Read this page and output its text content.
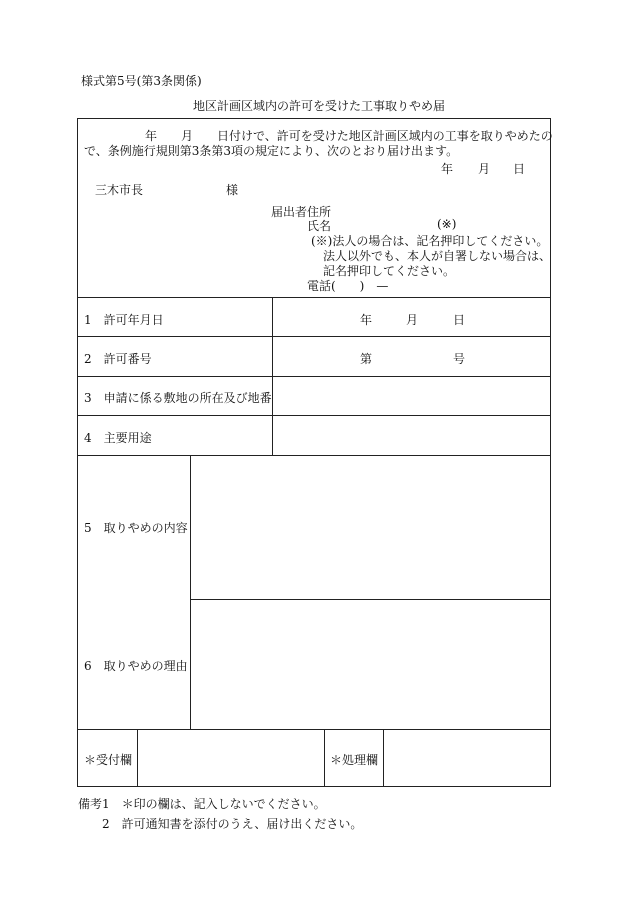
様式第5号(第3条関係)
地区計画区域内の許可を受けた工事取りやめ届
年 月 日付けで、許可を受けた地区計画区域内の工事を取りやめたの
で、条例施行規則第3条第3項の規定により、次のとおり届け出ます。
年 月 日
三木市長	様
届出者住所
氏名	(※)
(※)法人の場合は、記名押印してください。
法人以外でも、本人が自署しない場合は、
記名押印してください。
電話(　　)　—
1　許可年月日	年	月	日
2　許可番号	第	号
3　申請に係る敷地の所在及び地番
4　主要用途
5　取りやめの内容
6　取りやめの理由
＊受付欄	＊処理欄
備考1　＊印の欄は、記入しないでください。
2　許可通知書を添付のうえ、届け出ください。
